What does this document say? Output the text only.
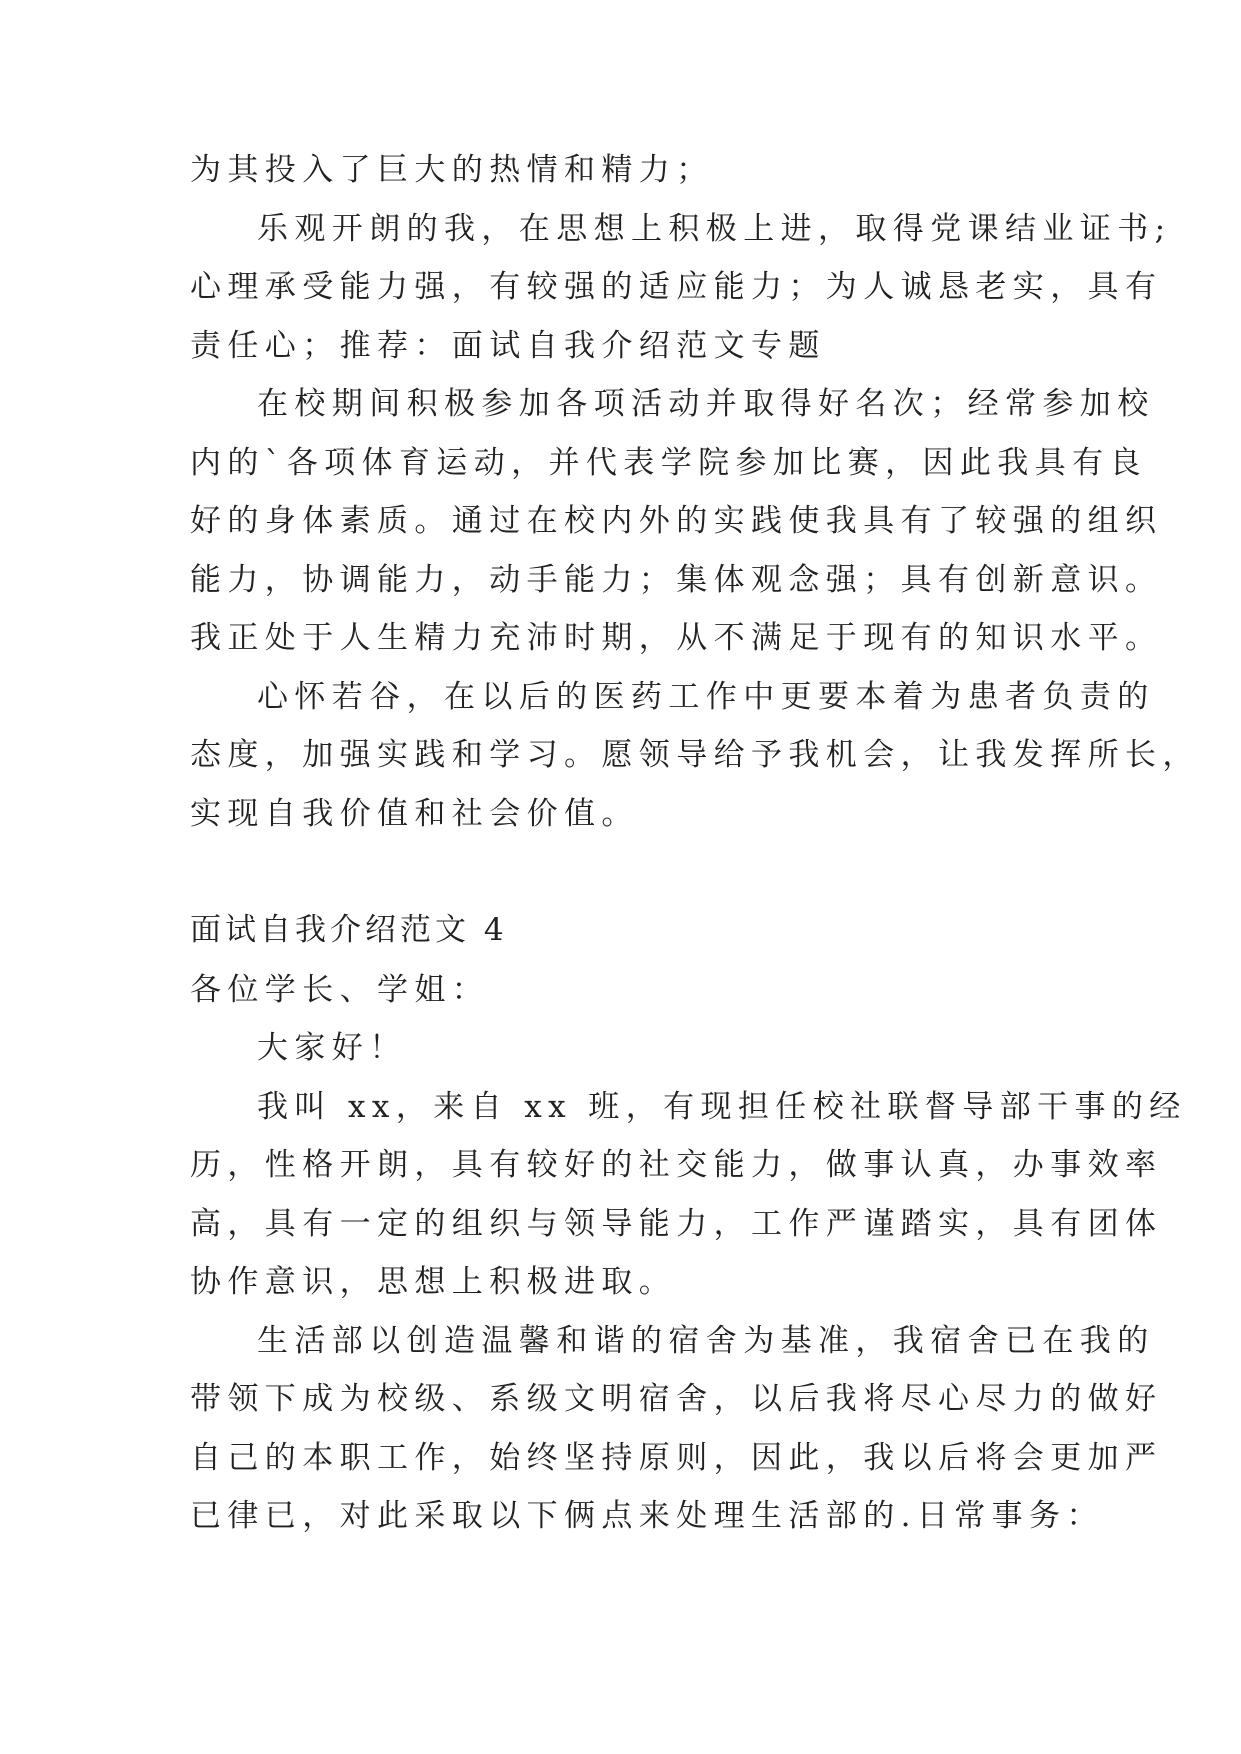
为其投入了巨大的热情和精力；
乐观开朗的我，在思想上积极上进，取得党课结业证书;
心理承受能力强，有较强的适应能力；为人诚恳老实，具有
责任心；推荐：面试自我介绍范文专题
在校期间积极参加各项活动并取得好名次；经常参加校
内的`各项体育运动，并代表学院参加比赛，因此我具有良
好的身体素质。通过在校内外的实践使我具有了较强的组织
能力，协调能力，动手能力；集体观念强；具有创新意识。
我正处于人生精力充沛时期，从不满足于现有的知识水平。
心怀若谷，在以后的医药工作中更要本着为患者负责的
态度，加强实践和学习。愿领导给予我机会，让我发挥所长，
实现自我价值和社会价值。
面试自我介绍范文 4
各位学长、学姐：
大家好！
我叫 xx，来自 xx 班，有现担任校社联督导部干事的经
历，性格开朗，具有较好的社交能力，做事认真，办事效率
高，具有一定的组织与领导能力，工作严谨踏实，具有团体
协作意识，思想上积极进取。
生活部以创造温馨和谐的宿舍为基准，我宿舍已在我的
带领下成为校级、系级文明宿舍，以后我将尽心尽力的做好
自己的本职工作，始终坚持原则，因此，我以后将会更加严
已律已，对此采取以下俩点来处理生活部的.日常事务：
